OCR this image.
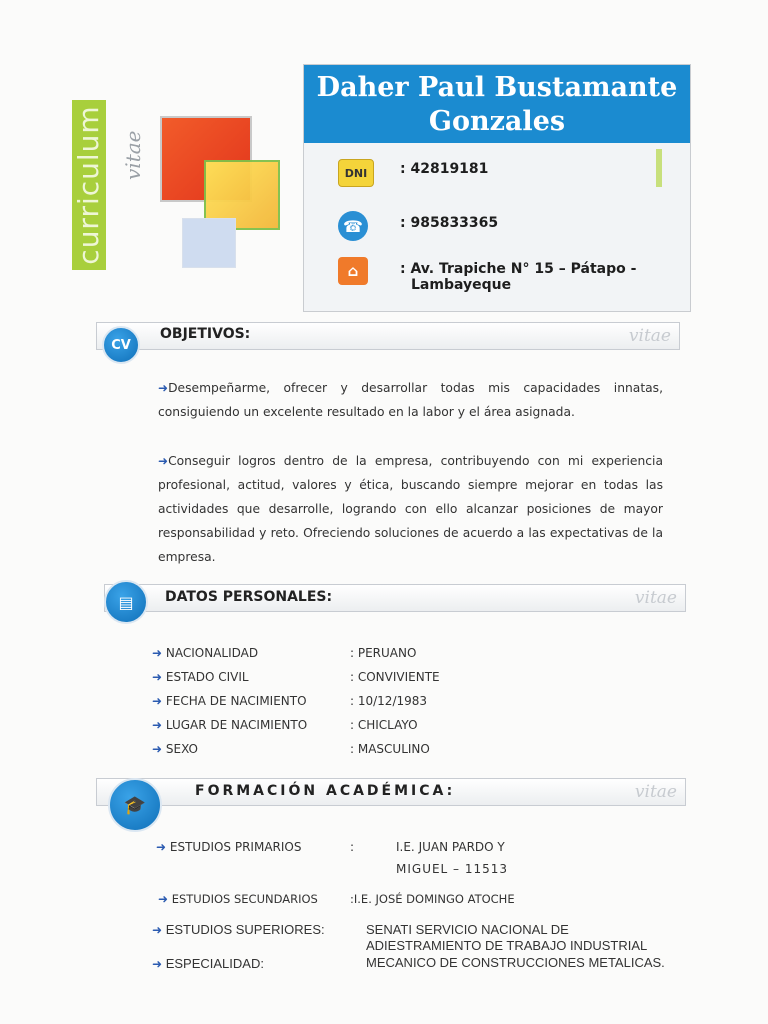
curriculum vitae
Daher Paul Bustamante
Gonzales
DNI : 42819181
☎	: 985833365
⌂	: Av. Trapiche N° 15 – Pátapo -
Lambayeque
vitae
CV
OBJETIVOS:
➜Desempeñarme, ofrecer y desarrollar todas mis capacidades innatas, consiguiendo un excelente resultado en la labor y el área asignada.
➜Conseguir logros dentro de la empresa, contribuyendo con mi experiencia profesional, actitud, valores y ética, buscando siempre mejorar en todas las actividades que desarrolle, logrando con ello alcanzar posiciones de mayor responsabilidad y reto. Ofreciendo soluciones de acuerdo a las expectativas de la empresa.
vitae
▤	DATOS PERSONALES:
➜ NACIONALIDAD	: PERUANO
➜ ESTADO CIVIL	: CONVIVIENTE
➜ FECHA DE NACIMIENTO	: 10/12/1983
➜ LUGAR DE NACIMIENTO	: CHICLAYO
➜ SEXO	: MASCULINO
vitae
🎓
FORMACIÓN ACADÉMICA:
➜ ESTUDIOS PRIMARIOS	:	I.E. JUAN PARDO Y
MIGUEL – 11513
➜ ESTUDIOS SECUNDARIOS	:I.E. JOSÉ DOMINGO ATOCHE
➜ ESTUDIOS SUPERIORES:	SENATI SERVICIO NACIONAL DE
ADIESTRAMIENTO DE TRABAJO INDUSTRIAL
➜ ESPECIALIDAD:	MECANICO DE CONSTRUCCIONES METALICAS.
